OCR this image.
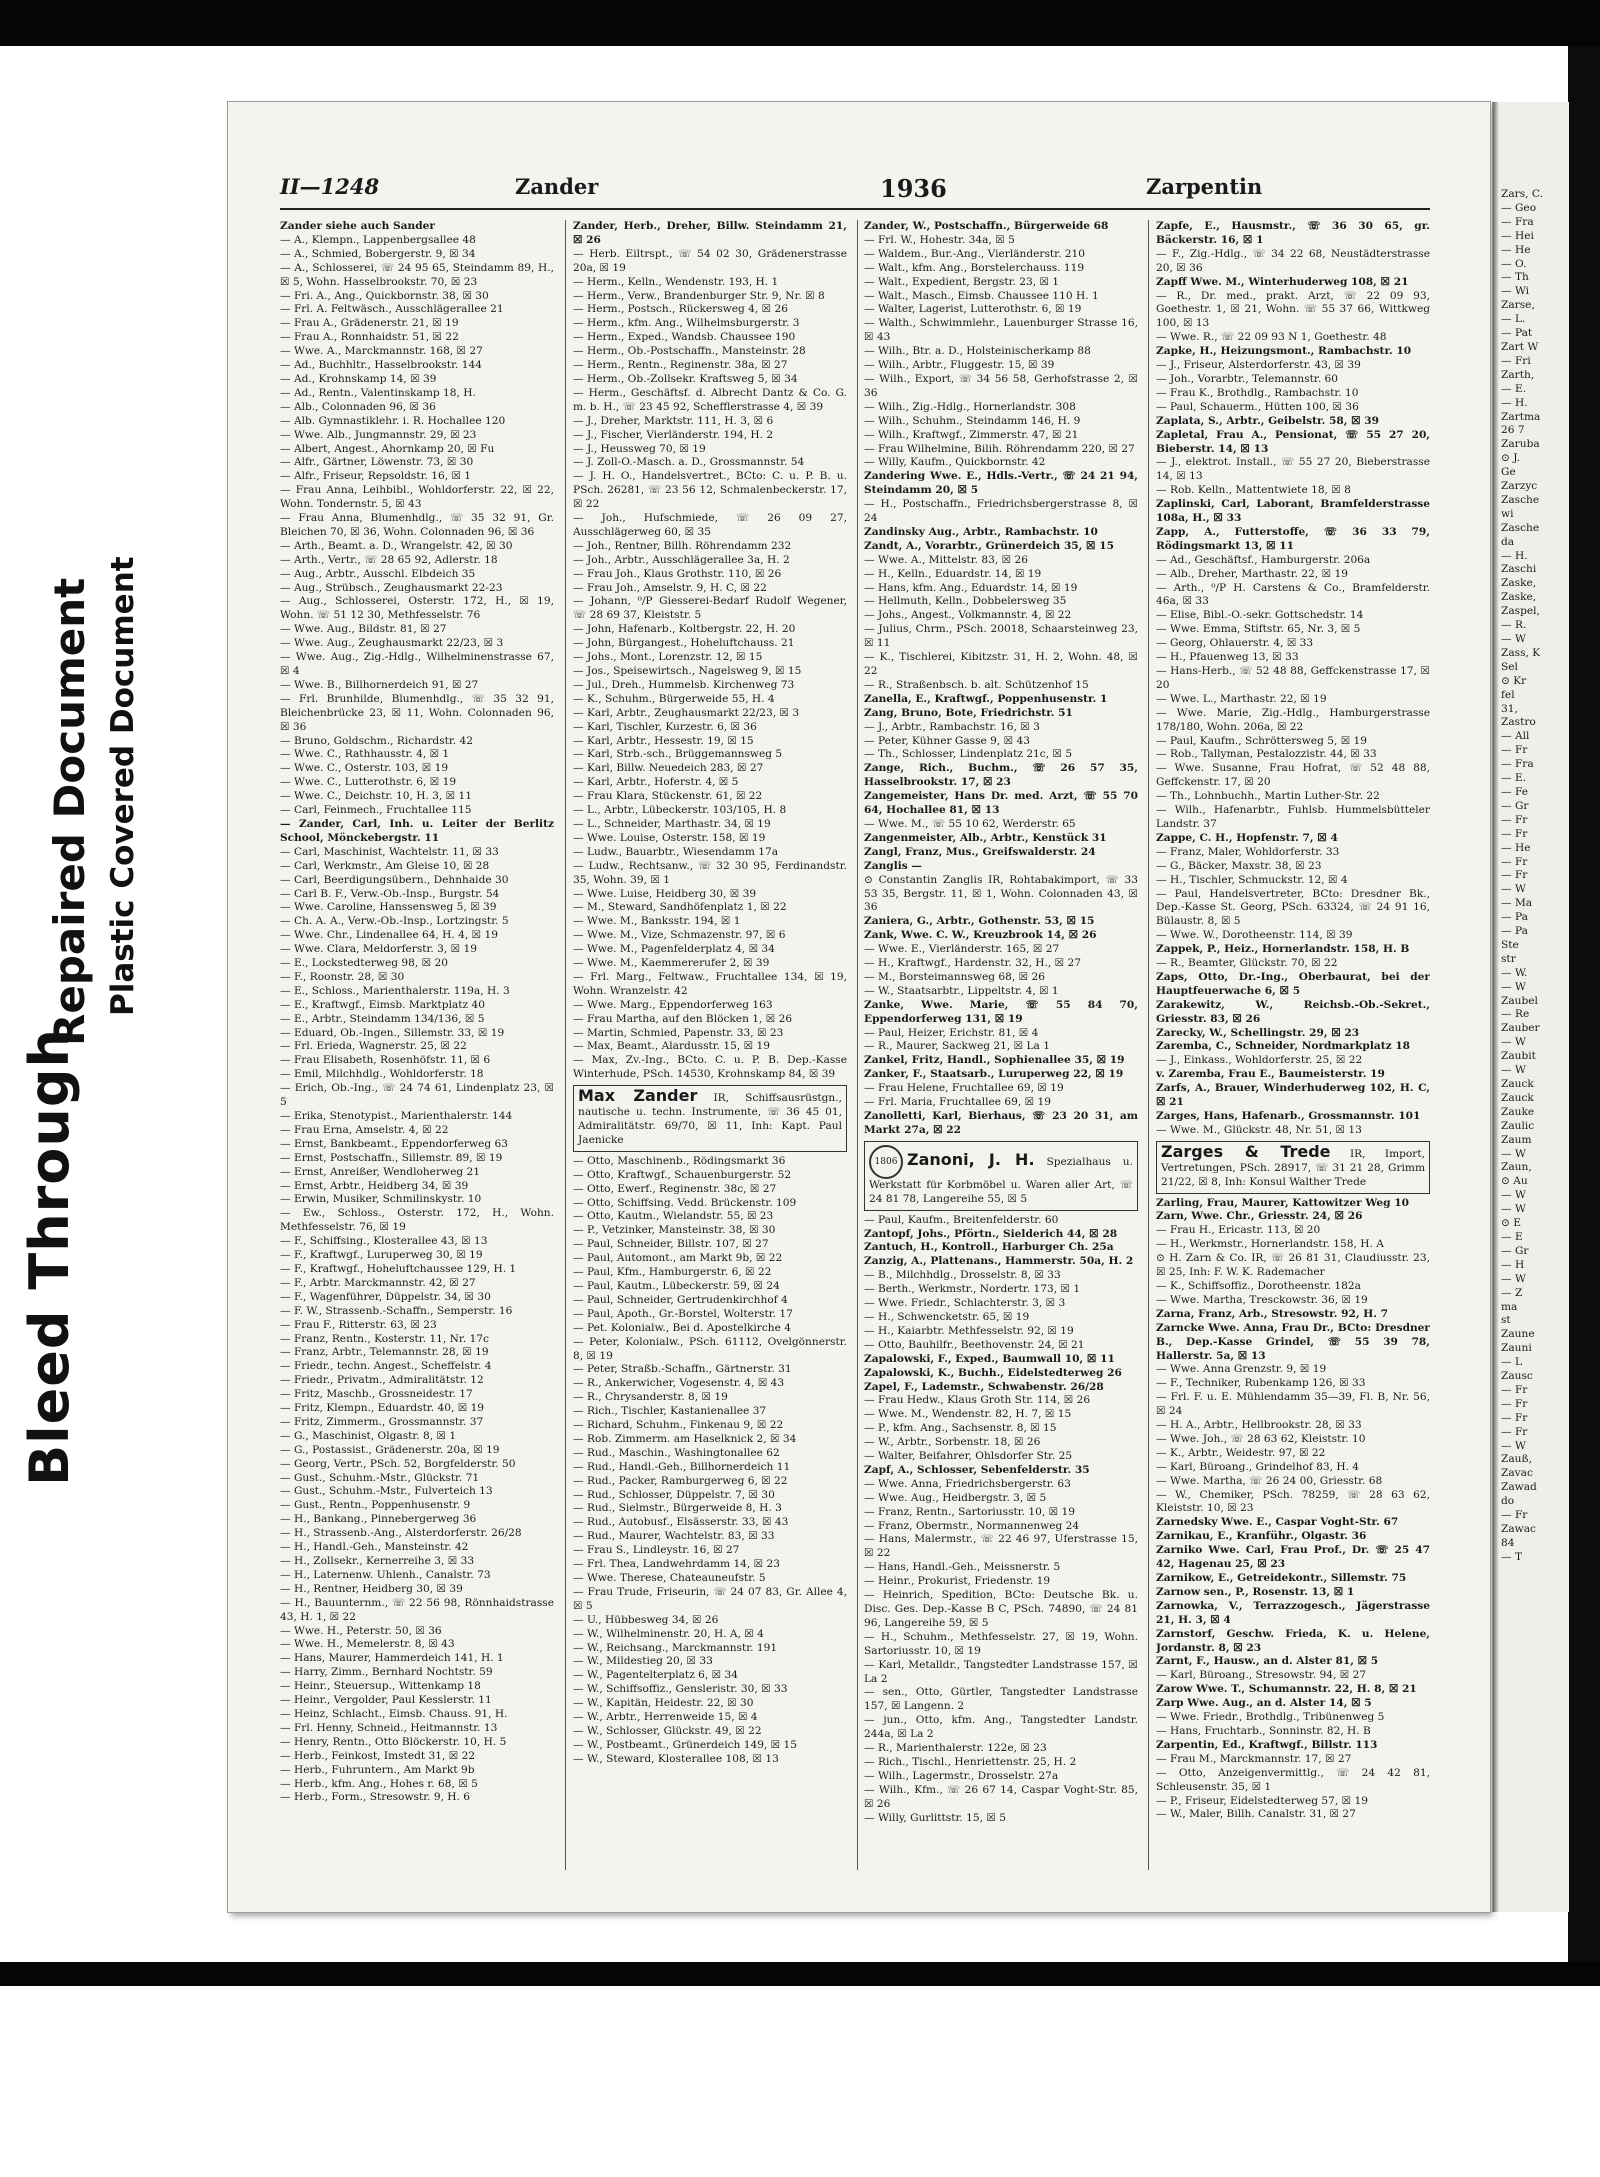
Bleed Through
Repaired Document Plastic Covered Document
II—1248	Zander	1936	Zarpentin

Zander siehe auch Sander

— A., Klempn., Lappenbergsallee 48

— A., Schmied, Bobergerstr. 9, ☒ 34

— A., Schlosserei, ☏ 24 95 65, Steindamm 89, H., ☒ 5, Wohn. Hasselbrookstr. 70, ☒ 23

— Fri. A., Ang., Quickbornstr. 38, ☒ 30

— Frl. A. Feltwäsch., Ausschlägerallee 21

— Frau A., Grädenerstr. 21, ☒ 19

— Frau A., Ronnhaidstr. 51, ☒ 22

— Wwe. A., Marckmannstr. 168, ☒ 27

— Ad., Buchhltr., Hasselbrookstr. 144

— Ad., Krohnskamp 14, ☒ 39

— Ad., Rentn., Valentinskamp 18, H.

— Alb., Colonnaden 96, ☒ 36

— Alb. Gymnastiklehr. i. R. Hochallee 120

— Wwe. Alb., Jungmannstr. 29, ☒ 23

— Albert, Angest., Ahornkamp 20, ☒ Fu

— Alfr., Gärtner, Löwenstr. 73, ☒ 30

— Alfr., Friseur, Repsoldstr. 16, ☒ 1

— Frau Anna, Leihbibl., Wohldorferstr. 22, ☒ 22, Wohn. Tondernstr. 5, ☒ 43

— Frau Anna, Blumenhdlg., ☏ 35 32 91, Gr. Bleichen 70, ☒ 36, Wohn. Colonnaden 96, ☒ 36

— Arth., Beamt. a. D., Wrangelstr. 42, ☒ 30

— Arth., Vertr., ☏ 28 65 92, Adlerstr. 18

— Aug., Arbtr., Ausschl. Elbdeich 35

— Aug., Strübsch., Zeughausmarkt 22-23

— Aug., Schlosserei, Osterstr. 172, H., ☒ 19, Wohn. ☏ 51 12 30, Methfesselstr. 76

— Wwe. Aug., Bildstr. 81, ☒ 27

— Wwe. Aug., Zeughausmarkt 22/23, ☒ 3

— Wwe. Aug., Zig.-Hdlg., Wilhelminenstrasse 67, ☒ 4

— Wwe. B., Billhornerdeich 91, ☒ 27

— Frl. Brunhilde, Blumenhdlg., ☏ 35 32 91, Bleichenbrücke 23, ☒ 11, Wohn. Colonnaden 96, ☒ 36

— Bruno, Goldschm., Richardstr. 42

— Wwe. C., Rathhausstr. 4, ☒ 1

— Wwe. C., Osterstr. 103, ☒ 19

— Wwe. C., Lutterothstr. 6, ☒ 19

— Wwe. C., Deichstr. 10, H. 3, ☒ 11

— Carl, Feinmech., Fruchtallee 115

— Zander, Carl, Inh. u. Leiter der Berlitz School, Mönckebergstr. 11

— Carl, Maschinist, Wachtelstr. 11, ☒ 33

— Carl, Werkmstr., Am Gleise 10, ☒ 28

— Carl, Beerdigungsübern., Dehnhaide 30

— Carl B. F., Verw.-Ob.-Insp., Burgstr. 54

— Wwe. Caroline, Hanssensweg 5, ☒ 39

— Ch. A. A., Verw.-Ob.-Insp., Lortzingstr. 5

— Wwe. Chr., Lindenallee 64, H. 4, ☒ 19

— Wwe. Clara, Meldorferstr. 3, ☒ 19

— E., Lockstedterweg 98, ☒ 20

— F., Roonstr. 28, ☒ 30

— E., Schloss., Marienthalerstr. 119a, H. 3

— E., Kraftwgf., Eimsb. Marktplatz 40

— E., Arbtr., Steindamm 134/136, ☒ 5

— Eduard, Ob.-Ingen., Sillemstr. 33, ☒ 19

— Frl. Erieda, Wagnerstr. 25, ☒ 22

— Frau Elisabeth, Rosenhöfstr. 11, ☒ 6

— Emil, Milchhdlg., Wohldorferstr. 18

— Erich, Ob.-Ing., ☏ 24 74 61, Lindenplatz 23, ☒ 5

— Erika, Stenotypist., Marienthalerstr. 144

— Frau Erna, Amselstr. 4, ☒ 22

— Ernst, Bankbeamt., Eppendorferweg 63

— Ernst, Postschaffn., Sillemstr. 89, ☒ 19

— Ernst, Anreißer, Wendloherweg 21

— Ernst, Arbtr., Heidberg 34, ☒ 39

— Erwin, Musiker, Schmilinskystr. 10

— Ew., Schloss., Osterstr. 172, H., Wohn. Methfesselstr. 76, ☒ 19

— F., Schiffsing., Klosterallee 43, ☒ 13

— F., Kraftwgf., Luruperweg 30, ☒ 19

— F., Kraftwgf., Hoheluftchaussee 129, H. 1

— F., Arbtr. Marckmannstr. 42, ☒ 27

— F., Wagenführer, Düppelstr. 34, ☒ 30

— F. W., Strassenb.-Schaffn., Semperstr. 16

— Frau F., Ritterstr. 63, ☒ 23

— Franz, Rentn., Kosterstr. 11, Nr. 17c

— Franz, Arbtr., Telemannstr. 28, ☒ 19

— Friedr., techn. Angest., Scheffelstr. 4

— Friedr., Privatm., Admiralitätstr. 12

— Fritz, Maschb., Grossneidestr. 17

— Fritz, Klempn., Eduardstr. 40, ☒ 19

— Fritz, Zimmerm., Grossmannstr. 37

— G., Maschinist, Olgastr. 8, ☒ 1

— G., Postassist., Grädenerstr. 20a, ☒ 19

— Georg, Vertr., PSch. 52, Borgfelderstr. 50

— Gust., Schuhm.-Mstr., Glückstr. 71

— Gust., Schuhm.-Mstr., Fulverteich 13

— Gust., Rentn., Poppenhusenstr. 9

— H., Bankang., Pinnebergerweg 36

— H., Strassenb.-Ang., Alsterdorferstr. 26/28

— H., Handl.-Geh., Mansteinstr. 42

— H., Zollsekr., Kernerreihe 3, ☒ 33

— H., Laternenw. Uhlenh., Canalstr. 73

— H., Rentner, Heidberg 30, ☒ 39

— H., Bauunternm., ☏ 22 56 98, Rönnhaidstrasse 43, H. 1, ☒ 22

— Wwe. H., Peterstr. 50, ☒ 36

— Wwe. H., Memelerstr. 8, ☒ 43

— Hans, Maurer, Hammerdeich 141, H. 1

— Harry, Zimm., Bernhard Nochtstr. 59

— Heinr., Steuersup., Wittenkamp 18

— Heinr., Vergolder, Paul Kesslerstr. 11

— Heinz, Schlacht., Eimsb. Chauss. 91, H.

— Frl. Henny, Schneid., Heitmannstr. 13

— Henry, Rentn., Otto Blöckerstr. 10, H. 5

— Herb., Feinkost, Imstedt 31, ☒ 22

— Herb., Fuhruntern., Am Markt 9b

— Herb., kfm. Ang., Hohes r. 68, ☒ 5

— Herb., Form., Stresowstr. 9, H. 6

Zander, Herb., Dreher, Billw. Steindamm 21, ☒ 26

— Herb. Eiltrspt., ☏ 54 02 30, Grädenerstrasse 20a, ☒ 19

— Herm., Kelln., Wendenstr. 193, H. 1

— Herm., Verw., Brandenburger Str. 9, Nr. ☒ 8

— Herm., Postsch., Rückersweg 4, ☒ 26

— Herm., kfm. Ang., Wilhelmsburgerstr. 3

— Herm., Exped., Wandsb. Chaussee 190

— Herm., Ob.-Postschaffn., Mansteinstr. 28

— Herm., Rentn., Reginenstr. 38a, ☒ 27

— Herm., Ob.-Zollsekr. Kraftsweg 5, ☒ 34

— Herm., Geschäftsf. d. Albrecht Dantz & Co. G. m. b. H., ☏ 23 45 92, Schefflerstrasse 4, ☒ 39

— J., Dreher, Marktstr. 111, H. 3, ☒ 6

— J., Fischer, Vierländerstr. 194, H. 2

— J., Heussweg 70, ☒ 19

— J. Zoll-O.-Masch. a. D., Grossmannstr. 54

— J. H. O., Handelsvertret., BCto: C. u. P. B. u. PSch. 26281, ☏ 23 56 12, Schmalenbeckerstr. 17, ☒ 22

— Joh., Hufschmiede, ☏ 26 09 27, Ausschlägerweg 60, ☒ 35

— Joh., Rentner, Billh. Röhrendamm 232

— Joh., Arbtr., Ausschlägerallee 3a, H. 2

— Frau Joh., Klaus Grothstr. 110, ☒ 26

— Frau Joh., Amselstr. 9, H. C, ☒ 22

— Johann, ⁰/P Giesserei-Bedarf Rudolf Wegener, ☏ 28 69 37, Kleiststr. 5

— John, Hafenarb., Koltbergstr. 22, H. 20

— John, Bürgangest., Hoheluftchauss. 21

— Johs., Mont., Lorenzstr. 12, ☒ 15

— Jos., Speisewirtsch., Nagelsweg 9, ☒ 15

— Jul., Dreh., Hummelsb. Kirchenweg 73

— K., Schuhm., Bürgerweide 55, H. 4

— Karl, Arbtr., Zeughausmarkt 22/23, ☒ 3

— Karl, Tischler, Kurzestr. 6, ☒ 36

— Karl, Arbtr., Hessestr. 19, ☒ 15

— Karl, Strb.-sch., Brüggemannsweg 5

— Karl, Billw. Neuedeich 283, ☒ 27

— Karl, Arbtr., Hoferstr. 4, ☒ 5

— Frau Klara, Stückenstr. 61, ☒ 22

— L., Arbtr., Lübeckerstr. 103/105, H. 8

— L., Schneider, Marthastr. 34, ☒ 19

— Wwe. Louise, Osterstr. 158, ☒ 19

— Ludw., Bauarbtr., Wiesendamm 17a

— Ludw., Rechtsanw., ☏ 32 30 95, Ferdinandstr. 35, Wohn. 39, ☒ 1

— Wwe. Luise, Heidberg 30, ☒ 39

— M., Steward, Sandhöfenplatz 1, ☒ 22

— Wwe. M., Banksstr. 194, ☒ 1

— Wwe. M., Vize, Schmazenstr. 97, ☒ 6

— Wwe. M., Pagenfelderplatz 4, ☒ 34

— Wwe. M., Kaemmererufer 2, ☒ 39

— Frl. Marg., Feltwaw., Fruchtallee 134, ☒ 19, Wohn. Wranzelstr. 42

— Wwe. Marg., Eppendorferweg 163

— Frau Martha, auf den Blöcken 1, ☒ 26

— Martin, Schmied, Papenstr. 33, ☒ 23

— Max, Beamt., Alardusstr. 15, ☒ 19

— Max, Zv.-Ing., BCto. C. u. P. B. Dep.-Kasse Winterhude, PSch. 14530, Krohnskamp 84, ☒ 39

Max Zander IR, Schiffsausrüstgn., nautische u. techn. Instrumente, ☏ 36 45 01, Admiralitätstr. 69/70, ☒ 11, Inh: Kapt. Paul Jaenicke

— Otto, Maschinenb., Rödingsmarkt 36

— Otto, Kraftwgf., Schauenburgerstr. 52

— Otto, Ewerf., Reginenstr. 38c, ☒ 27

— Otto, Schiffsing. Vedd. Brückenstr. 109

— Otto, Kautm., Wielandstr. 55, ☒ 23

— P., Vetzinker, Mansteinstr. 38, ☒ 30

— Paul, Schneider, Billstr. 107, ☒ 27

— Paul, Automont., am Markt 9b, ☒ 22

— Paul, Kfm., Hamburgerstr. 6, ☒ 22

— Paul, Kautm., Lübeckerstr. 59, ☒ 24

— Paul, Schneider, Gertrudenkirchhof 4

— Paul, Apoth., Gr.-Borstel, Wolterstr. 17

— Pet. Kolonialw., Bei d. Apostelkirche 4

— Peter, Kolonialw., PSch. 61112, Ovelgönnerstr. 8, ☒ 19

— Peter, Straßb.-Schaffn., Gärtnerstr. 31

— R., Ankerwicher, Vogesenstr. 4, ☒ 43

— R., Chrysanderstr. 8, ☒ 19

— Rich., Tischler, Kastanienallee 37

— Richard, Schuhm., Finkenau 9, ☒ 22

— Rob. Zimmerm. am Haselknick 2, ☒ 34

— Rud., Maschin., Washingtonallee 62

— Rud., Handl.-Geh., Billhornerdeich 11

— Rud., Packer, Ramburgerweg 6, ☒ 22

— Rud., Schlosser, Düppelstr. 7, ☒ 30

— Rud., Sielmstr., Bürgerweide 8, H. 3

— Rud., Autobusf., Elsässerstr. 33, ☒ 43

— Rud., Maurer, Wachtelstr. 83, ☒ 33

— Frau S., Lindleystr. 16, ☒ 27

— Frl. Thea, Landwehrdamm 14, ☒ 23

— Wwe. Therese, Chateauneufstr. 5

— Frau Trude, Friseurin, ☏ 24 07 83, Gr. Allee 4, ☒ 5

— U., Hübbesweg 34, ☒ 26

— W., Wilhelminenstr. 20, H. A, ☒ 4

— W., Reichsang., Marckmannstr. 191

— W., Mildestieg 20, ☒ 33

— W., Pagentelterplatz 6, ☒ 34

— W., Schiffsoffiz., Gensleristr. 30, ☒ 33

— W., Kapitän, Heidestr. 22, ☒ 30

— W., Arbtr., Herrenweide 15, ☒ 4

— W., Schlosser, Glückstr. 49, ☒ 22

— W., Postbeamt., Grünerdeich 149, ☒ 15

— W., Steward, Klosterallee 108, ☒ 13

Zander, W., Postschaffn., Bürgerweide 68

— Frl. W., Hohestr. 34a, ☒ 5

— Waldem., Bur.-Ang., Vierländerstr. 210

— Walt., kfm. Ang., Borstelerchauss. 119

— Walt., Expedient, Bergstr. 23, ☒ 1

— Walt., Masch., Eimsb. Chaussee 110 H. 1

— Walter, Lagerist, Lutterothstr. 6, ☒ 19

— Walth., Schwimmlehr., Lauenburger Strasse 16, ☒ 43

— Wilh., Btr. a. D., Holsteinischerkamp 88

— Wilh., Arbtr., Fluggestr. 15, ☒ 39

— Wilh., Export, ☏ 34 56 58, Gerhofstrasse 2, ☒ 36

— Wilh., Zig.-Hdlg., Hornerlandstr. 308

— Wilh., Schuhm., Steindamm 146, H. 9

— Wilh., Kraftwgf., Zimmerstr. 47, ☒ 21

— Frau Wilhelmine, Bilih. Röhrendamm 220, ☒ 27

— Willy, Kaufm., Quickbornstr. 42

Zandering Wwe. E., Hdls.-Vertr., ☏ 24 21 94, Steindamm 20, ☒ 5

— H., Postschaffn., Friedrichsbergerstrasse 8, ☒ 24

Zandinsky Aug., Arbtr., Rambachstr. 10

Zandt, A., Vorarbtr., Grünerdeich 35, ☒ 15

— Wwe. A., Mittelstr. 83, ☒ 26

— H., Kelln., Eduardstr. 14, ☒ 19

— Hans, kfm. Ang., Eduardstr. 14, ☒ 19

— Hellmuth, Kelln., Dobbelersweg 35

— Johs., Angest., Volkmannstr. 4, ☒ 22

— Julius, Chrm., PSch. 20018, Schaarsteinweg 23, ☒ 11

— K., Tischlerei, Kibitzstr. 31, H. 2, Wohn. 48, ☒ 22

— R., Straßenbsch. b. alt. Schützenhof 15

Zanella, E., Kraftwgf., Poppenhusenstr. 1

Zang, Bruno, Bote, Friedrichstr. 51

— J., Arbtr., Rambachstr. 16, ☒ 3

— Peter, Kühner Gasse 9, ☒ 43

— Th., Schlosser, Lindenplatz 21c, ☒ 5

Zange, Rich., Buchm., ☏ 26 57 35, Hasselbrookstr. 17, ☒ 23

Zangemeister, Hans Dr. med. Arzt, ☏ 55 70 64, Hochallee 81, ☒ 13

— Wwe. M., ☏ 55 10 62, Werderstr. 65

Zangenmeister, Alb., Arbtr., Kenstück 31

Zangl, Franz, Mus., Greifswalderstr. 24

Zanglis —

⊙ Constantin Zanglis IR, Rohtabakimport, ☏ 33 53 35, Bergstr. 11, ☒ 1, Wohn. Colonnaden 43, ☒ 36

Zaniera, G., Arbtr., Gothenstr. 53, ☒ 15

Zank, Wwe. C. W., Kreuzbrook 14, ☒ 26

— Wwe. E., Vierländerstr. 165, ☒ 27

— H., Kraftwgf., Hardenstr. 32, H., ☒ 27

— M., Borsteimannsweg 68, ☒ 26

— W., Staatsarbtr., Lippeltstr. 4, ☒ 1

Zanke, Wwe. Marie, ☏ 55 84 70, Eppendorferweg 131, ☒ 19

— Paul, Heizer, Erichstr. 81, ☒ 4

— R., Maurer, Sackweg 21, ☒ La 1

Zankel, Fritz, Handl., Sophienallee 35, ☒ 19

Zanker, F., Staatsarb., Luruperweg 22, ☒ 19

— Frau Helene, Fruchtallee 69, ☒ 19

— Frl. Maria, Fruchtallee 69, ☒ 19

Zanolletti, Karl, Bierhaus, ☏ 23 20 31, am Markt 27a, ☒ 22

1806 Zanoni, J. H. Spezialhaus u. Werkstatt für Korbmöbel u. Waren aller Art, ☏ 24 81 78, Langereihe 55, ☒ 5

— Paul, Kaufm., Breitenfelderstr. 60

Zantopf, Johs., Pförtn., Sielderich 44, ☒ 28

Zantuch, H., Kontroll., Harburger Ch. 25a

Zanzig, A., Plattenans., Hammerstr. 50a, H. 2

— B., Milchhdlg., Drosselstr. 8, ☒ 33

— Berth., Werkmstr., Nordertr. 173, ☒ 1

— Wwe. Friedr., Schlachterstr. 3, ☒ 3

— H., Schwencketstr. 65, ☒ 19

— H., Kaiarbtr. Methfesselstr. 92, ☒ 19

— Otto, Bauhilfr., Beethovenstr. 24, ☒ 21

Zapalowski, F., Exped., Baumwall 10, ☒ 11

Zapalowski, K., Buchh., Eidelstedterweg 26

Zapel, F., Lademstr., Schwabenstr. 26/28

— Frau Hedw., Klaus Groth Str. 114, ☒ 26

— Wwe. M., Wendenstr. 82, H. 7, ☒ 15

— P., kfm. Ang., Sachsenstr. 8, ☒ 15

— W., Arbtr., Sorbenstr. 18, ☒ 26

— Walter, Beifahrer, Ohlsdorfer Str. 25

Zapf, A., Schlosser, Sebenfelderstr. 35

— Wwe. Anna, Friedrichsbergerstr. 63

— Wwe. Aug., Heidbergstr. 3, ☒ 5

— Franz, Rentn., Sartoriusstr. 10, ☒ 19

— Franz, Obermstr., Normannenweg 24

— Hans, Malermstr., ☏ 22 46 97, Uferstrasse 15, ☒ 22

— Hans, Handl.-Geh., Meissnerstr. 5

— Heinr., Prokurist, Friedenstr. 19

— Heinrich, Spedition, BCto: Deutsche Bk. u. Disc. Ges. Dep.-Kasse B C, PSch. 74890, ☏ 24 81 96, Langereihe 59, ☒ 5

— H., Schuhm., Methfesselstr. 27, ☒ 19, Wohn. Sartoriusstr. 10, ☒ 19

— Karl, Metalldr., Tangstedter Landstrasse 157, ☒ La 2

— sen., Otto, Gürtler, Tangstedter Landstrasse 157, ☒ Langenn. 2

— jun., Otto, kfm. Ang., Tangstedter Landstr. 244a, ☒ La 2

— R., Marienthalerstr. 122e, ☒ 23

— Rich., Tischl., Henriettenstr. 25, H. 2

— Wilh., Lagermstr., Drosselstr. 27a

— Wilh., Kfm., ☏ 26 67 14, Caspar Voght-Str. 85, ☒ 26

— Willy, Gurlittstr. 15, ☒ 5

Zapfe, E., Hausmstr., ☏ 36 30 65, gr. Bäckerstr. 16, ☒ 1

— F., Zig.-Hdlg., ☏ 34 22 68, Neustädterstrasse 20, ☒ 36

Zapff Wwe. M., Winterhuderweg 108, ☒ 21

— R., Dr. med., prakt. Arzt, ☏ 22 09 93, Goethestr. 1, ☒ 21, Wohn. ☏ 55 37 66, Wittkweg 100, ☒ 13

— Wwe. R., ☏ 22 09 93 N 1, Goethestr. 48

Zapke, H., Heizungsmont., Rambachstr. 10

— J., Friseur, Alsterdorferstr. 43, ☒ 39

— Joh., Vorarbtr., Telemannstr. 60

— Frau K., Brothdlg., Rambachstr. 10

— Paul, Schauerm., Hütten 100, ☒ 36

Zaplata, S., Arbtr., Geibelstr. 58, ☒ 39

Zapletal, Frau A., Pensionat, ☏ 55 27 20, Bieberstr. 14, ☒ 13

— J., elektrot. Install., ☏ 55 27 20, Bieberstrasse 14, ☒ 13

— Rob. Kelln., Mattentwiete 18, ☒ 8

Zaplinski, Carl, Laborant, Bramfelderstrasse 108a, H., ☒ 33

Zapp, A., Futterstoffe, ☏ 36 33 79, Rödingsmarkt 13, ☒ 11

— Ad., Geschäftsf., Hamburgerstr. 206a

— Alb., Dreher, Marthastr. 22, ☒ 19

— Arth., ⁰/P H. Carstens & Co., Bramfelderstr. 46a, ☒ 33

— Elise, Bibl.-O.-sekr. Gottschedstr. 14

— Wwe. Emma, Stiftstr. 65, Nr. 3, ☒ 5

— Georg, Ohlauerstr. 4, ☒ 33

— H., Pfauenweg 13, ☒ 33

— Hans-Herb., ☏ 52 48 88, Geffckenstrasse 17, ☒ 20

— Wwe. L., Marthastr. 22, ☒ 19

— Wwe. Marie, Zig.-Hdlg., Hamburgerstrasse 178/180, Wohn. 206a, ☒ 22

— Paul, Kaufm., Schröttersweg 5, ☒ 19

— Rob., Tallyman, Pestalozzistr. 44, ☒ 33

— Wwe. Susanne, Frau Hofrat, ☏ 52 48 88, Geffckenstr. 17, ☒ 20

— Th., Lohnbuchh., Martin Luther-Str. 22

— Wilh., Hafenarbtr., Fuhlsb. Hummelsbütteler Landstr. 37

Zappe, C. H., Hopfenstr. 7, ☒ 4

— Franz, Maler, Wohldorferstr. 33

— G., Bäcker, Maxstr. 38, ☒ 23

— H., Tischler, Schmuckstr. 12, ☒ 4

— Paul, Handelsvertreter, BCto: Dresdner Bk., Dep.-Kasse St. Georg, PSch. 63324, ☏ 24 91 16, Bülaustr. 8, ☒ 5

— Wwe. W., Dorotheenstr. 114, ☒ 39

Zappek, P., Heiz., Hornerlandstr. 158, H. B

— R., Beamter, Glückstr. 70, ☒ 22

Zaps, Otto, Dr.-Ing., Oberbaurat, bei der Hauptfeuerwache 6, ☒ 5

Zarakewitz, W., Reichsb.-Ob.-Sekret., Griesstr. 83, ☒ 26

Zarecky, W., Schellingstr. 29, ☒ 23

Zaremba, C., Schneider, Nordmarkplatz 18

— J., Einkass., Wohldorferstr. 25, ☒ 22

v. Zaremba, Frau E., Baumeisterstr. 19

Zarfs, A., Brauer, Winderhuderweg 102, H. C, ☒ 21

Zarges, Hans, Hafenarb., Grossmannstr. 101

— Wwe. M., Glückstr. 48, Nr. 51, ☒ 13

Zarges & Trede IR, Import, Vertretungen, PSch. 28917, ☏ 31 21 28, Grimm 21/22, ☒ 8, Inh: Konsul Walther Trede

Zarling, Frau, Maurer, Kattowitzer Weg 10

Zarn, Wwe. Chr., Griesstr. 24, ☒ 26

— Frau H., Ericastr. 113, ☒ 20

— H., Werkmstr., Hornerlandstr. 158, H. A

⊙ H. Zarn & Co. IR, ☏ 26 81 31, Claudiusstr. 23, ☒ 25, Inh: F. W. K. Rademacher

— K., Schiffsoffiz., Dorotheenstr. 182a

— Wwe. Martha, Tresckowstr. 36, ☒ 19

Zarna, Franz, Arb., Stresowstr. 92, H. 7

Zarncke Wwe. Anna, Frau Dr., BCto: Dresdner B., Dep.-Kasse Grindel, ☏ 55 39 78, Hallerstr. 5a, ☒ 13

— Wwe. Anna Grenzstr. 9, ☒ 19

— F., Techniker, Rubenkamp 126, ☒ 33

— Frl. F. u. E. Mühlendamm 35—39, Fl. B, Nr. 56, ☒ 24

— H. A., Arbtr., Hellbrookstr. 28, ☒ 33

— Wwe. Joh., ☏ 28 63 62, Kleiststr. 10

— K., Arbtr., Weidestr. 97, ☒ 22

— Karl, Büroang., Grindelhof 83, H. 4

— Wwe. Martha, ☏ 26 24 00, Griesstr. 68

— W., Chemiker, PSch. 78259, ☏ 28 63 62, Kleiststr. 10, ☒ 23

Zarnedsky Wwe. E., Caspar Voght-Str. 67

Zarnikau, E., Kranführ., Olgastr. 36

Zarniko Wwe. Carl, Frau Prof., Dr. ☏ 25 47 42, Hagenau 25, ☒ 23

Zarnikow, E., Getreidekontr., Sillemstr. 75

Zarnow sen., P., Rosenstr. 13, ☒ 1

Zarnowka, V., Terrazzogesch., Jägerstrasse 21, H. 3, ☒ 4

Zarnstorf, Geschw. Frieda, K. u. Helene, Jordanstr. 8, ☒ 23

Zarnt, F., Hausw., an d. Alster 81, ☒ 5

— Karl, Büroang., Stresowstr. 94, ☒ 27

Zarow Wwe. T., Schumannstr. 22, H. 8, ☒ 21

Zarp Wwe. Aug., an d. Alster 14, ☒ 5

— Wwe. Friedr., Brothdlg., Tribünenweg 5

— Hans, Fruchtarb., Sonninstr. 82, H. B

Zarpentin, Ed., Kraftwgf., Billstr. 113

— Frau M., Marckmannstr. 17, ☒ 27

— Otto, Anzeigenvermittlg., ☏ 24 42 81, Schleusenstr. 35, ☒ 1

— P., Friseur, Eidelstedterweg 57, ☒ 19

— W., Maler, Billh. Canalstr. 31, ☒ 27

Zars, C.

— Geo

— Fra

— Hei

— He

— O.

— Th

— Wi

Zarse,

— L.

— Pat

Zart W

— Fri

Zarth,

— E.

— H.

Zartma

26 7

Zaruba

⊙ J.

Ge

Zarzyc

Zasche

wi

Zasche

da

— H.

Zaschi

Zaske,

Zaske,

Zaspel,

— R.

— W

Zass, K

Sel

⊙ Kr

fel

31,

Zastro

— All

— Fr

— Fra

— E.

— Fe

— Gr

— Fr

— Fr

— He

— Fr

— Fr

— W

— Ma

— Pa

— Pa

Ste

str

— W.

— W

Zaubel

— Re

Zauber

— W

Zaubit

— W

Zauck

Zauck

Zauke

Zaulic

Zaum

— W

Zaun,

⊙ Au

— W

— W

⊙ E

— E

— Gr

— H

— W

— Z

ma

st

Zaune

Zauni

— L

Zausc

— Fr

— Fr

— Fr

— Fr

— W

Zauß,

Zavac

Zawad

do

— Fr

Zawac

84

— T
